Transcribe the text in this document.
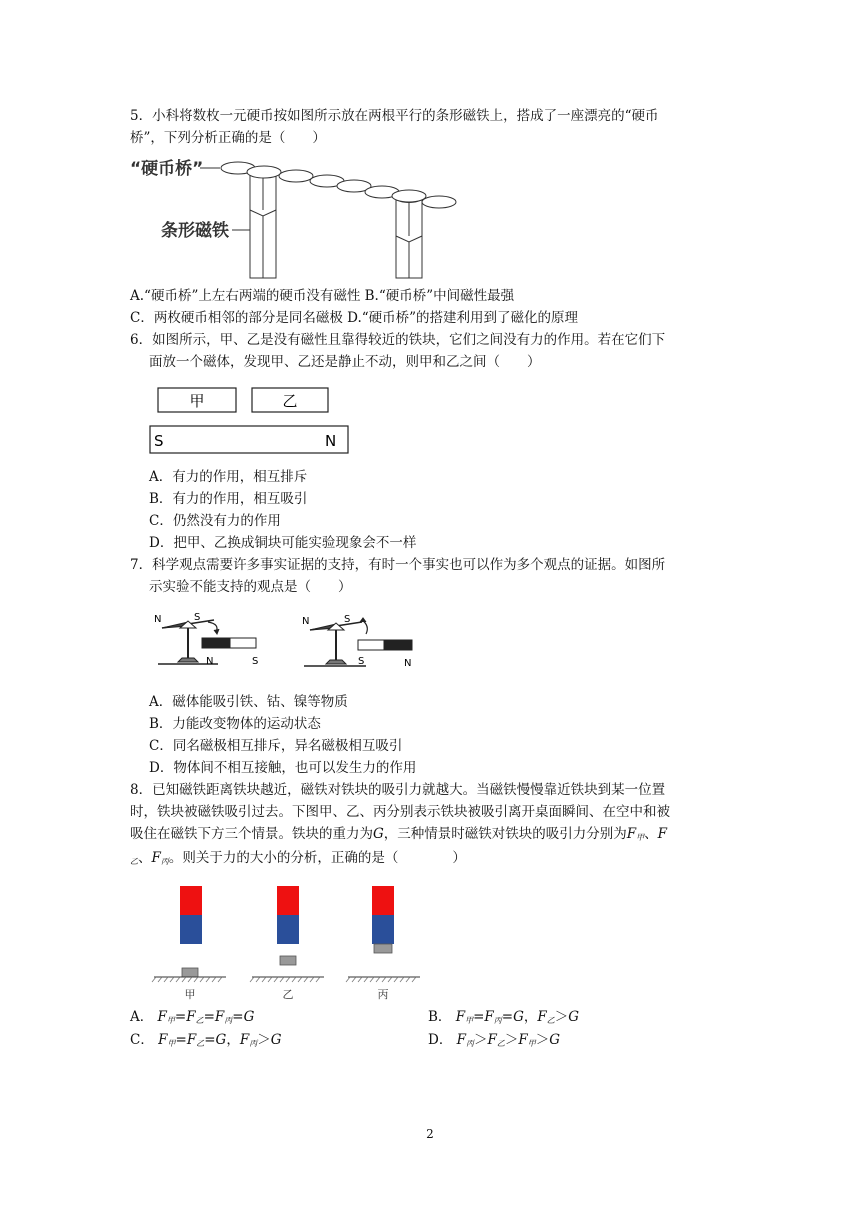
5．小科将数枚一元硬币按如图所示放在两根平行的条形磁铁上，搭成了一座漂亮的“硬币
桥”，下列分析正确的是（　　）
“硬币桥”
条形磁铁
A.“硬币桥”上左右两端的硬币没有磁性 B.“硬币桥”中间磁性最强
C．两枚硬币相邻的部分是同名磁极 D.“硬币桥”的搭建利用到了磁化的原理
6．如图所示，甲、乙是没有磁性且靠得较近的铁块，它们之间没有力的作用。若在它们下
面放一个磁体，发现甲、乙还是静止不动，则甲和乙之间（　　）
甲	乙
S	N
A．有力的作用，相互排斥
B．有力的作用，相互吸引
C．仍然没有力的作用
D．把甲、乙换成铜块可能实验现象会不一样
7．科学观点需要许多事实证据的支持，有时一个事实也可以作为多个观点的证据。如图所
示实验不能支持的观点是（　　）
N	S
N	S
N	S
S	N
A．磁体能吸引铁、钴、镍等物质
B．力能改变物体的运动状态
C．同名磁极相互排斥，异名磁极相互吸引
D．物体间不相互接触，也可以发生力的作用
8．已知磁铁距离铁块越近，磁铁对铁块的吸引力就越大。当磁铁慢慢靠近铁块到某一位置
时，铁块被磁铁吸引过去。下图甲、乙、丙分别表示铁块被吸引离开桌面瞬间、在空中和被
吸住在磁铁下方三个情景。铁块的重力为G，三种情景时磁铁对铁块的吸引力分别为$F_甲$、F
$_乙$、$F_丙$。则关于力的大小的分析，正确的是（　　　　）
甲	乙	丙
A． $F_甲=F_乙=F_丙=G$	B． $F_甲=F_丙=G$，$F_乙>G$
C． $F_甲=F_乙=G$，$F_丙>G$	D． $F_丙>F_乙>F_甲>G$
2
